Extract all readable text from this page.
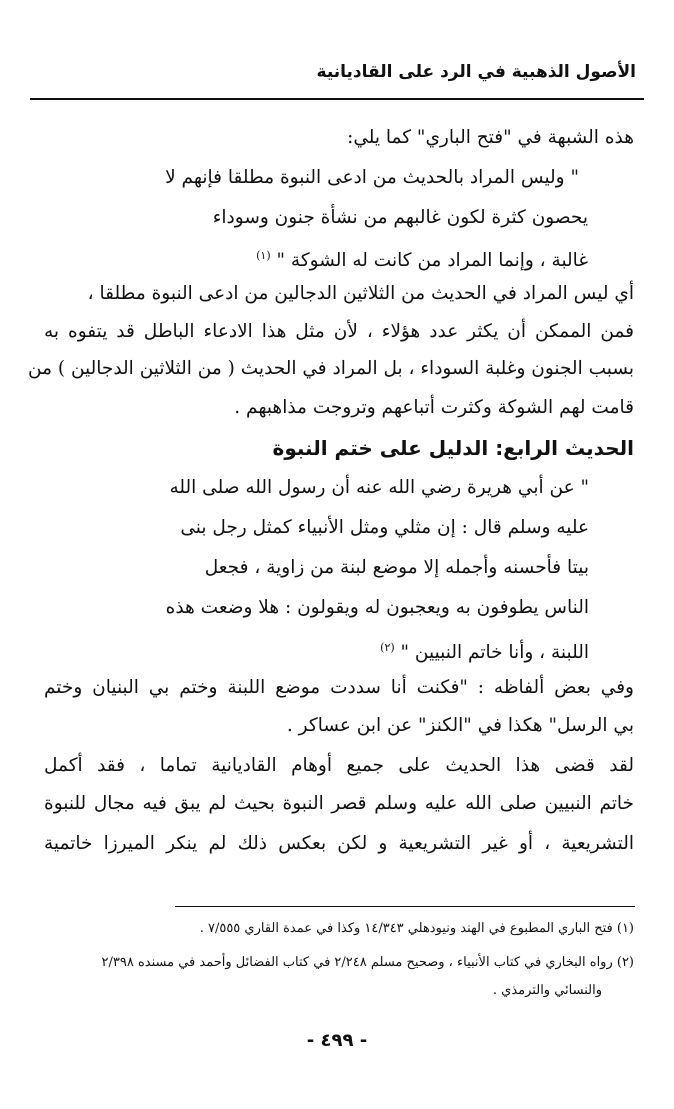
الأصول الذهبية في الرد على القاديانية
هذه الشبهة في "فتح الباري" كما يلي:
" وليس المراد بالحديث من ادعى النبوة مطلقا فإنهم لا
يحصون كثرة لكون غالبهم من نشأة جنون وسوداء
غالبة ، وإنما المراد من كانت له الشوكة " $^{(١)}$
أي ليس المراد في الحديث من الثلاثين الدجالين من ادعى النبوة مطلقا ،
فمن الممكن أن يكثر عدد هؤلاء ، لأن مثل هذا الادعاء الباطل قد يتفوه به
بسبب الجنون وغلبة السوداء ، بل المراد في الحديث ( من الثلاثين الدجالين ) من
قامت لهم الشوكة وكثرت أتباعهم وتروجت مذاهبهم .
الحديث الرابع: الدليل على ختم النبوة
" عن أبي هريرة رضي الله عنه أن رسول الله صلى الله
عليه وسلم قال : إن مثلي ومثل الأنبياء كمثل رجل بنى
بيتا فأحسنه وأجمله إلا موضع لبنة من زاوية ، فجعل
الناس يطوفون به ويعجبون له ويقولون : هلا وضعت هذه
اللبنة ، وأنا خاتم النبيين " $^{(٢)}$
وفي بعض ألفاظه : "فكنت أنا سددت موضع اللبنة وختم بي البنيان وختم
بي الرسل" هكذا في "الكنز" عن ابن عساكر .
لقد قضى هذا الحديث على جميع أوهام القاديانية تماما ، فقد أكمل
خاتم النبيين صلى الله عليه وسلم قصر النبوة بحيث لم يبق فيه مجال للنبوة
التشريعية ، أو غير التشريعية و لكن بعكس ذلك لم ينكر الميرزا خاتمية
(١) فتح الباري المطبوع في الهند ونيودهلي ١٤/٣٤٣ وكذا في عمدة القاري ٧/٥٥٥ .
(٢) رواه البخاري في كتاب الأنبياء ، وصحيح مسلم ٢/٢٤٨ في كتاب الفضائل وأحمد في مسنده ٢/٣٩٨
والنسائي والترمذي .
- ٤٩٩ -
